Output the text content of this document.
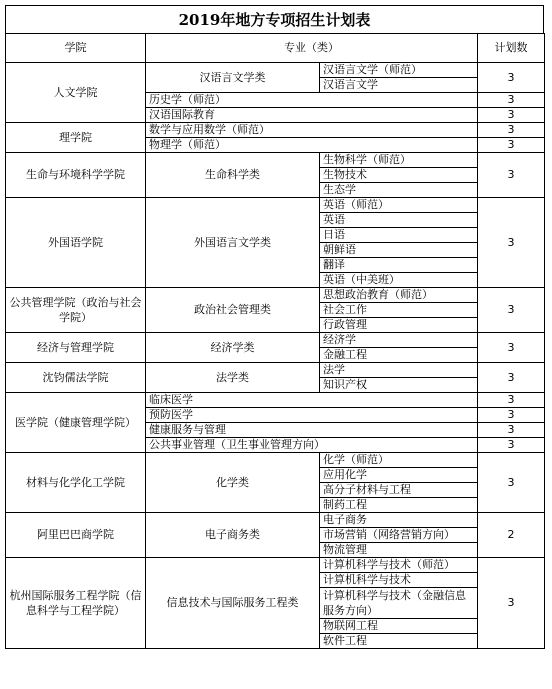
2019年地方专项招生计划表
学院	专业（类）		计划数
人文学院	汉语言文学类	汉语言文学（师范）	3
		汉语言文学	
	历史学（师范）		3
	汉语国际教育		3
理学院	数学与应用数学（师范）		3
	物理学（师范）		3
生命与环境科学学院	生命科学类	生物科学（师范）	3
		生物技术	
		生态学	
外国语学院	外国语言文学类	英语（师范）	3
		英语	
		日语	
		朝鲜语	
		翻译	
		英语（中美班）	
公共管理学院（政治与社会学院）	政治社会管理类	思想政治教育（师范）	3
		社会工作	
		行政管理	
经济与管理学院	经济学类	经济学	3
		金融工程	
沈钧儒法学院	法学类	法学	3
		知识产权	
医学院（健康管理学院）	临床医学		3
	预防医学		3
	健康服务与管理		3
	公共事业管理（卫生事业管理方向）		3
材料与化学化工学院	化学类	化学（师范）	3
		应用化学	
		高分子材料与工程	
		制药工程	
阿里巴巴商学院	电子商务类	电子商务	2
		市场营销（网络营销方向）	
		物流管理	
杭州国际服务工程学院（信息科学与工程学院）	信息技术与国际服务工程类	计算机科学与技术（师范）	3
		计算机科学与技术	
		计算机科学与技术（金融信息服务方向）	
		物联网工程	
		软件工程	
